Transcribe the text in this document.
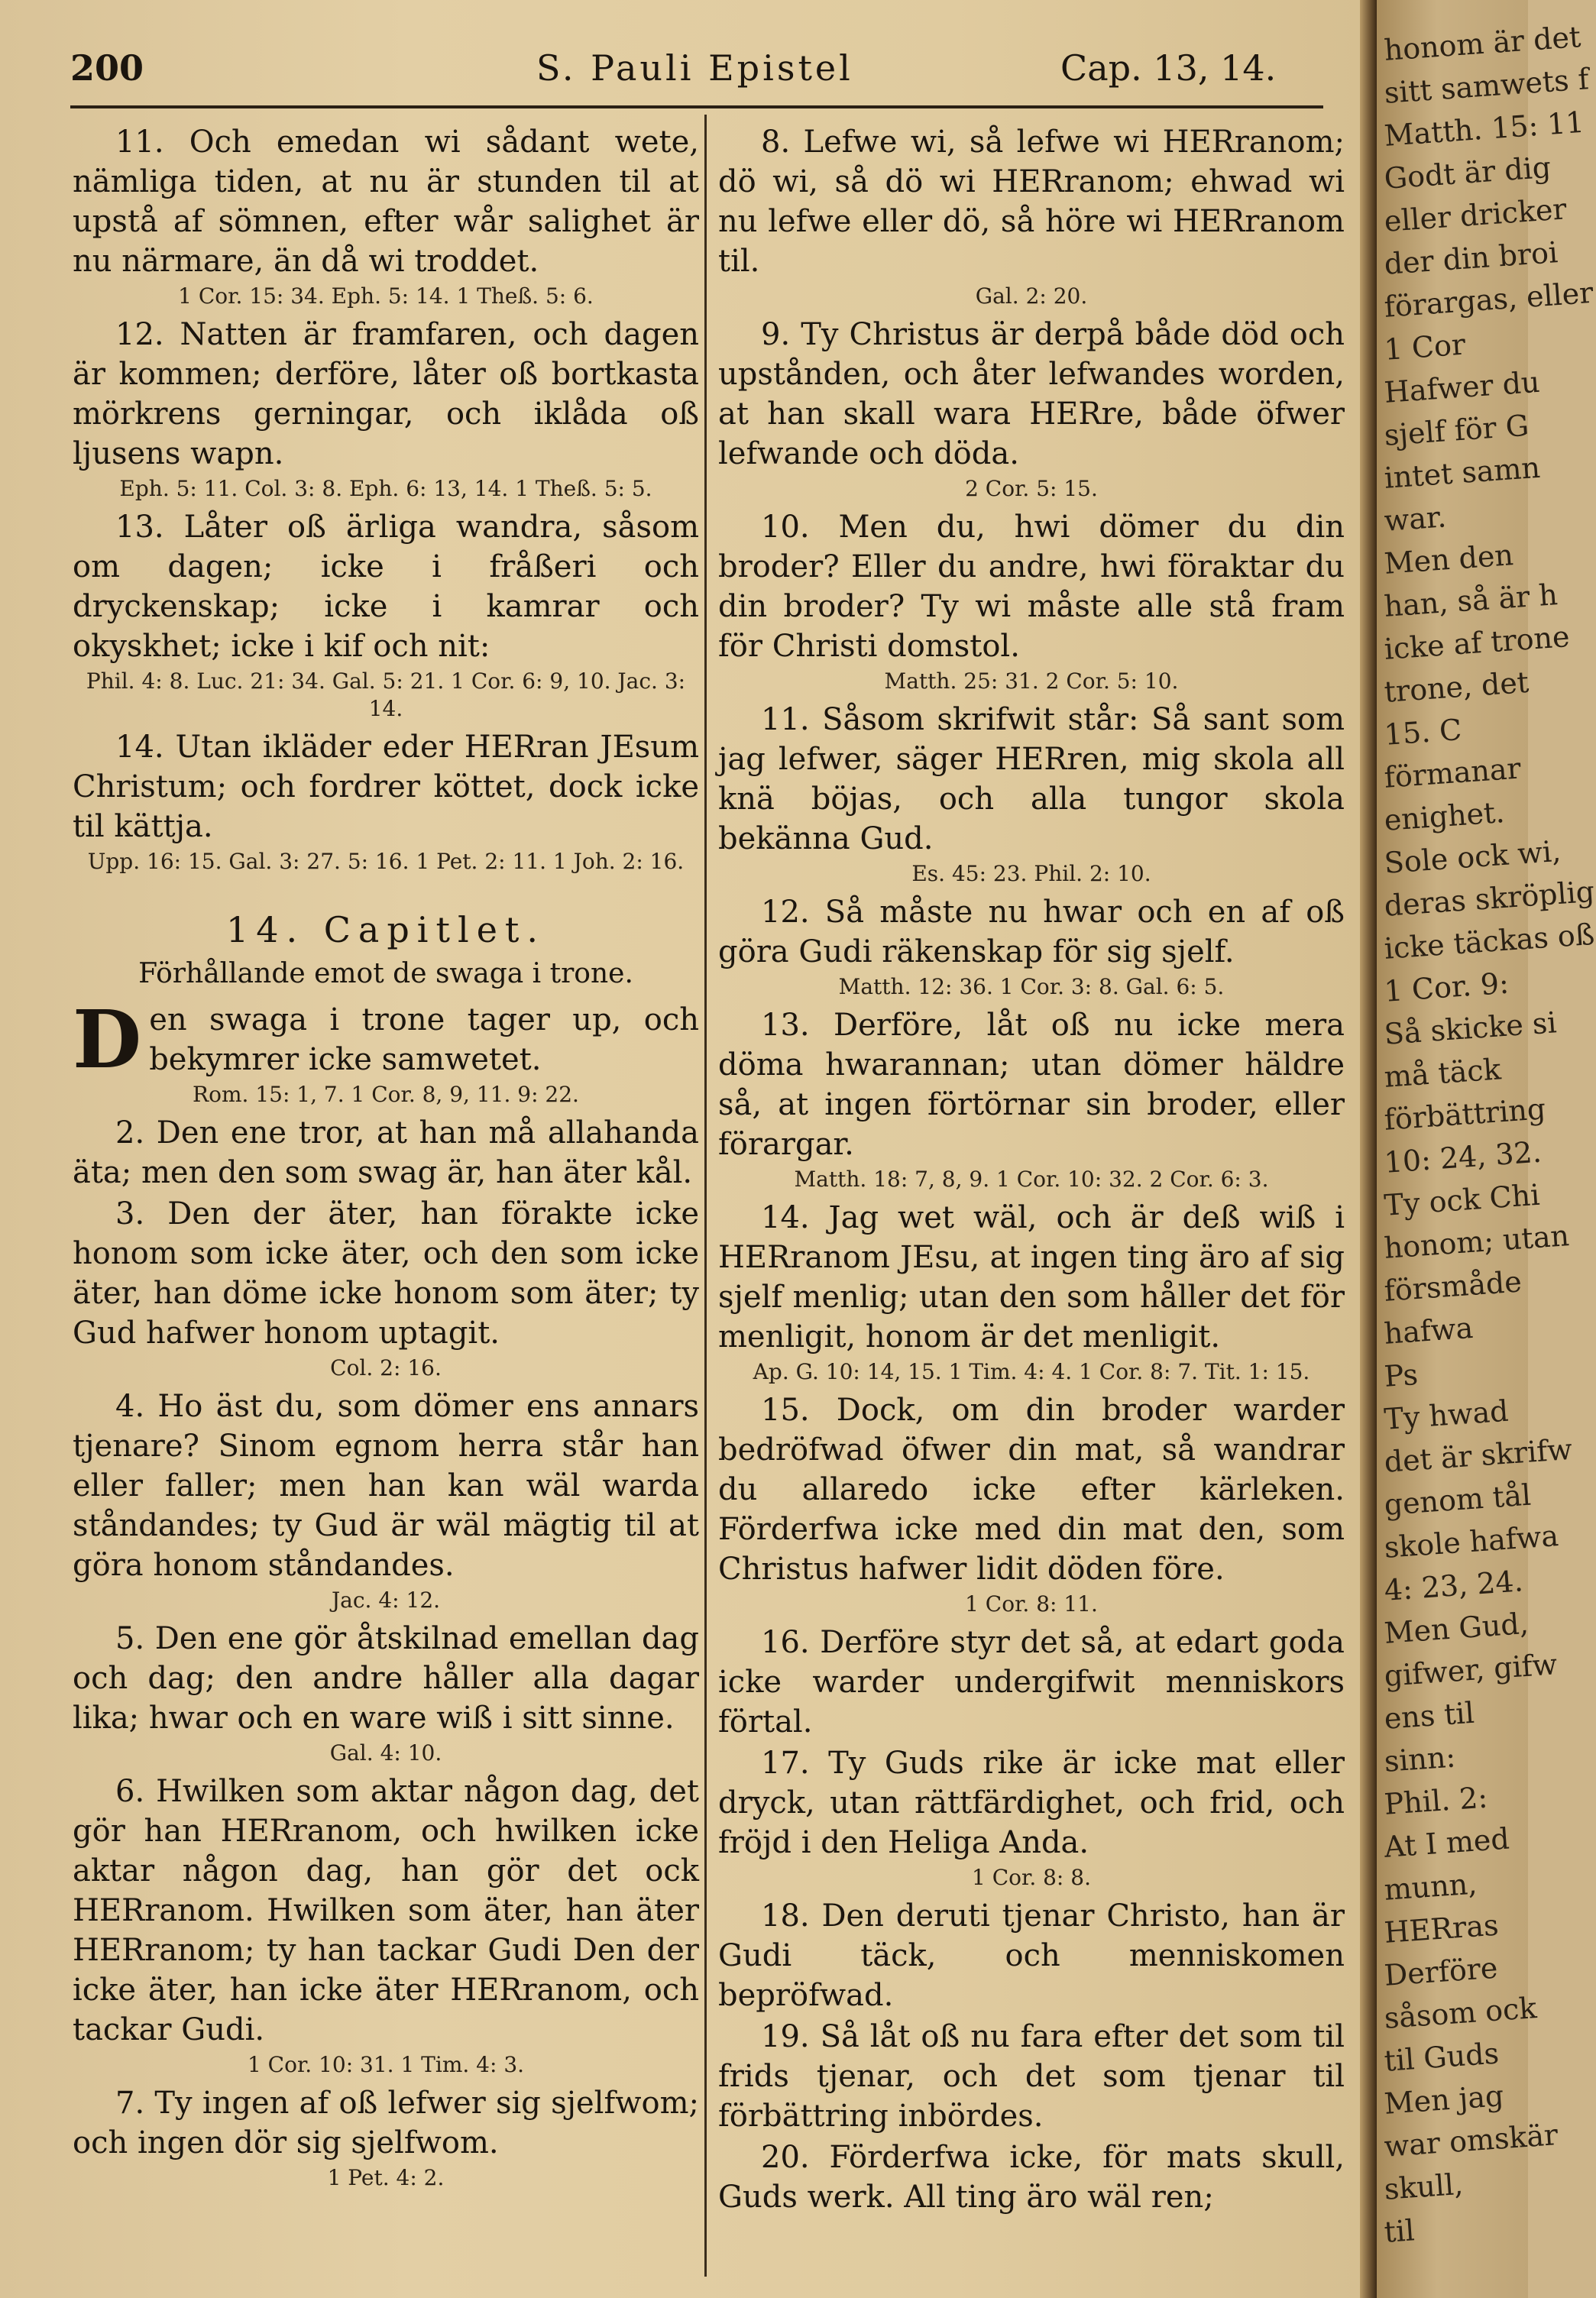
honom är det
sitt samwets f
Matth. 15: 11
Godt är dig
eller dricker
der din broi
förargas, eller
1 Cor
Hafwer du
sjelf för G
intet samn
war.
Men den
han, så är h
icke af trone
trone, det
15. C
förmanar
enighet.
Sole ock wi,
deras skröplig
icke täckas oß
1 Cor. 9:
Så skicke si
må täck
förbättring
10: 24, 32.
Ty ock Chi
honom; utan
försmåde
hafwa
Ps
Ty hwad
det är skrifw
genom tål
skole hafwa
4: 23, 24.
Men Gud,
gifwer, gifw
ens til
sinn:
Phil. 2:
At I med
munn,
HERras
Derföre
såsom ock
til Guds
Men jag
war omskär
skull,
til
200	S. Pauli Epistel	Cap. 13, 14.

11. Och emedan wi sådant wete, nämliga tiden, at nu är stunden til at upstå af sömnen, efter wår salighet är nu närmare, än då wi troddet.

1 Cor. 15: 34. Eph. 5: 14. 1 Theß. 5: 6.

12. Natten är framfaren, och dagen är kommen; derföre, låter oß bortkasta mörkrens gerningar, och iklåda oß ljusens wapn.

Eph. 5: 11. Col. 3: 8. Eph. 6: 13, 14. 1 Theß. 5: 5.

13. Låter oß ärliga wandra, såsom om dagen; icke i fråßeri och dryckenskap; icke i kamrar och okyskhet; icke i kif och nit:

Phil. 4: 8. Luc. 21: 34. Gal. 5: 21. 1 Cor. 6: 9, 10. Jac. 3: 14.

14. Utan ikläder eder HERran JEsum Christum; och fordrer köttet, dock icke til kättja.

Upp. 16: 15. Gal. 3: 27. 5: 16. 1 Pet. 2: 11. 1 Joh. 2: 16.
14. Capitlet.
Förhållande emot de swaga i trone.

Den swaga i trone tager up, och bekymrer icke samwetet.

Rom. 15: 1, 7. 1 Cor. 8, 9, 11. 9: 22.

2. Den ene tror, at han må allahanda äta; men den som swag är, han äter kål.

3. Den der äter, han förakte icke honom som icke äter, och den som icke äter, han döme icke honom som äter; ty Gud hafwer honom uptagit.

Col. 2: 16.

4. Ho äst du, som dömer ens annars tjenare? Sinom egnom herra står han eller faller; men han kan wäl warda ståndandes; ty Gud är wäl mägtig til at göra honom ståndandes.

Jac. 4: 12.

5. Den ene gör åtskilnad emellan dag och dag; den andre håller alla dagar lika; hwar och en ware wiß i sitt sinne.

Gal. 4: 10.

6. Hwilken som aktar någon dag, det gör han HERranom, och hwilken icke aktar någon dag, han gör det ock HERranom. Hwilken som äter, han äter HERranom; ty han tackar Gudi Den der icke äter, han icke äter HERranom, och tackar Gudi.

1 Cor. 10: 31. 1 Tim. 4: 3.

7. Ty ingen af oß lefwer sig sjelfwom; och ingen dör sig sjelfwom.

1 Pet. 4: 2.

8. Lefwe wi, så lefwe wi HERranom; dö wi, så dö wi HERranom; ehwad wi nu lefwe eller dö, så höre wi HERranom til.

Gal. 2: 20.

9. Ty Christus är derpå både död och upstånden, och åter lefwandes worden, at han skall wara HERre, både öfwer lefwande och döda.

2 Cor. 5: 15.

10. Men du, hwi dömer du din broder? Eller du andre, hwi föraktar du din broder? Ty wi måste alle stå fram för Christi domstol.

Matth. 25: 31. 2 Cor. 5: 10.

11. Såsom skrifwit står: Så sant som jag lefwer, säger HERren, mig skola all knä böjas, och alla tungor skola bekänna Gud.

Es. 45: 23. Phil. 2: 10.

12. Så måste nu hwar och en af oß göra Gudi räkenskap för sig sjelf.

Matth. 12: 36. 1 Cor. 3: 8. Gal. 6: 5.

13. Derföre, låt oß nu icke mera döma hwarannan; utan dömer häldre så, at ingen förtörnar sin broder, eller förargar.

Matth. 18: 7, 8, 9. 1 Cor. 10: 32. 2 Cor. 6: 3.

14. Jag wet wäl, och är deß wiß i HERranom JEsu, at ingen ting äro af sig sjelf menlig; utan den som håller det för menligit, honom är det menligit.

Ap. G. 10: 14, 15. 1 Tim. 4: 4. 1 Cor. 8: 7. Tit. 1: 15.

15. Dock, om din broder warder bedröfwad öfwer din mat, så wandrar du allaredo icke efter kärleken. Förderfwa icke med din mat den, som Christus hafwer lidit döden före.

1 Cor. 8: 11.

16. Derföre styr det så, at edart goda icke warder undergifwit menniskors förtal.

17. Ty Guds rike är icke mat eller dryck, utan rättfärdighet, och frid, och fröjd i den Heliga Anda.

1 Cor. 8: 8.

18. Den deruti tjenar Christo, han är Gudi täck, och menniskomen bepröfwad.

19. Så låt oß nu fara efter det som til frids tjenar, och det som tjenar til förbättring inbördes.

20. Förderfwa icke, för mats skull, Guds werk. All ting äro wäl ren;
